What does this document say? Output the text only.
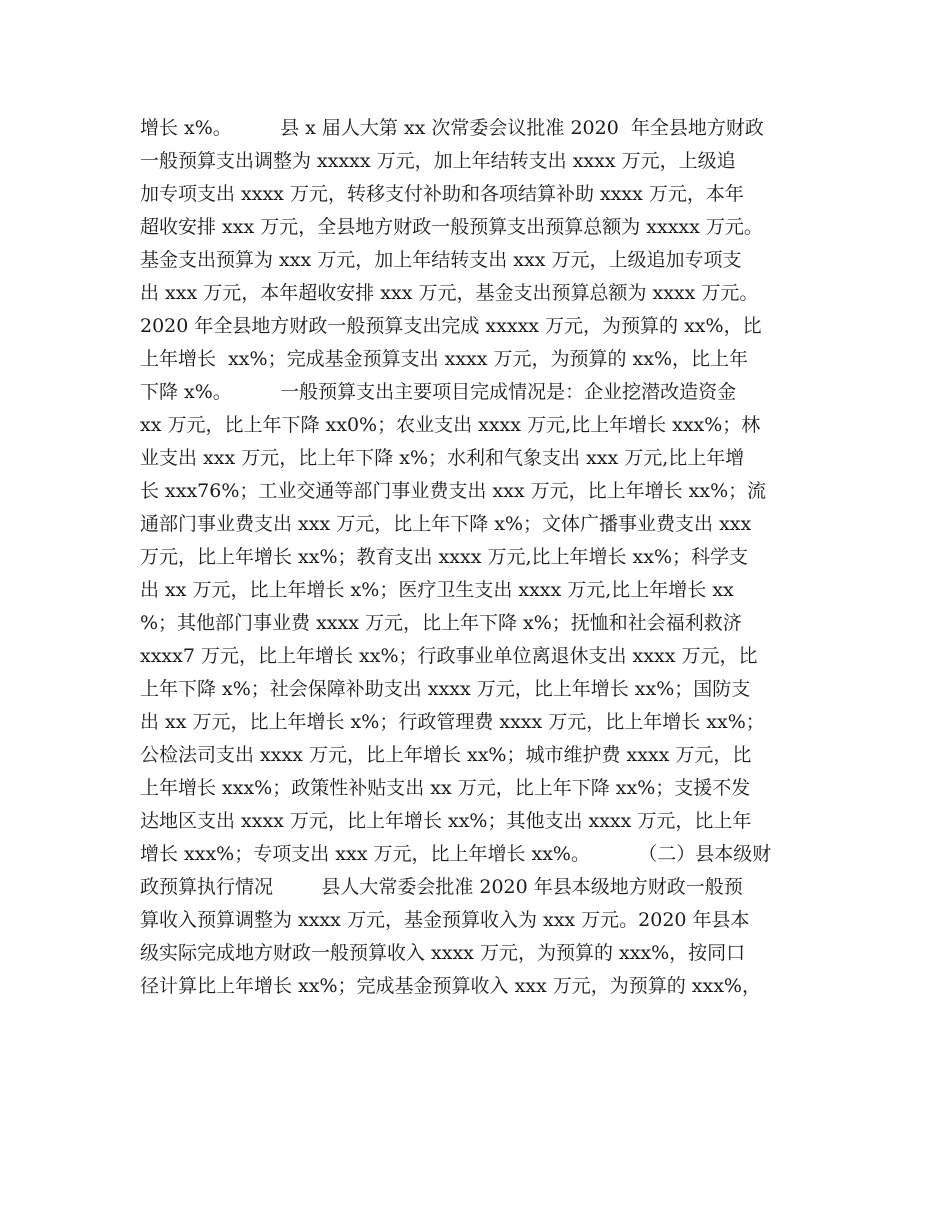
增长 x%。        县 x 届人大第 xx 次常委会议批准 2020  年全县地方财政
一般预算支出调整为 xxxxx 万元，加上年结转支出 xxxx 万元，上级追
加专项支出 xxxx 万元，转移支付补助和各项结算补助 xxxx 万元，本年
超收安排 xxx 万元，全县地方财政一般预算支出预算总额为 xxxxx 万元。
基金支出预算为 xxx 万元，加上年结转支出 xxx 万元，上级追加专项支
出 xxx 万元，本年超收安排 xxx 万元，基金支出预算总额为 xxxx 万元。
2020 年全县地方财政一般预算支出完成 xxxxx 万元，为预算的 xx%，比
上年增长  xx%；完成基金预算支出 xxxx 万元，为预算的 xx%，比上年
下降 x%。        一般预算支出主要项目完成情况是：企业挖潜改造资金
xx 万元，比上年下降 xx0%；农业支出 xxxx 万元,比上年增长 xxx%；林
业支出 xxx 万元，比上年下降 x%；水利和气象支出 xxx 万元,比上年增
长 xxx76%；工业交通等部门事业费支出 xxx 万元，比上年增长 xx%；流
通部门事业费支出 xxx 万元，比上年下降 x%；文体广播事业费支出 xxx
万元，比上年增长 xx%；教育支出 xxxx 万元,比上年增长 xx%；科学支
出 xx 万元，比上年增长 x%；医疗卫生支出 xxxx 万元,比上年增长 xx
%；其他部门事业费 xxxx 万元，比上年下降 x%；抚恤和社会福利救济
xxxx7 万元，比上年增长 xx%；行政事业单位离退休支出 xxxx 万元，比
上年下降 x%；社会保障补助支出 xxxx 万元，比上年增长 xx%；国防支
出 xx 万元，比上年增长 x%；行政管理费 xxxx 万元，比上年增长 xx%；
公检法司支出 xxxx 万元，比上年增长 xx%；城市维护费 xxxx 万元，比
上年增长 xxx%；政策性补贴支出 xx 万元，比上年下降 xx%；支援不发
达地区支出 xxxx 万元，比上年增长 xx%；其他支出 xxxx 万元，比上年
增长 xxx%；专项支出 xxx 万元，比上年增长 xx%。        （二）县本级财
政预算执行情况        县人大常委会批准 2020 年县本级地方财政一般预
算收入预算调整为 xxxx 万元，基金预算收入为 xxx 万元。2020 年县本
级实际完成地方财政一般预算收入 xxxx 万元，为预算的 xxx%，按同口
径计算比上年增长 xx%；完成基金预算收入 xxx 万元，为预算的 xxx%，
